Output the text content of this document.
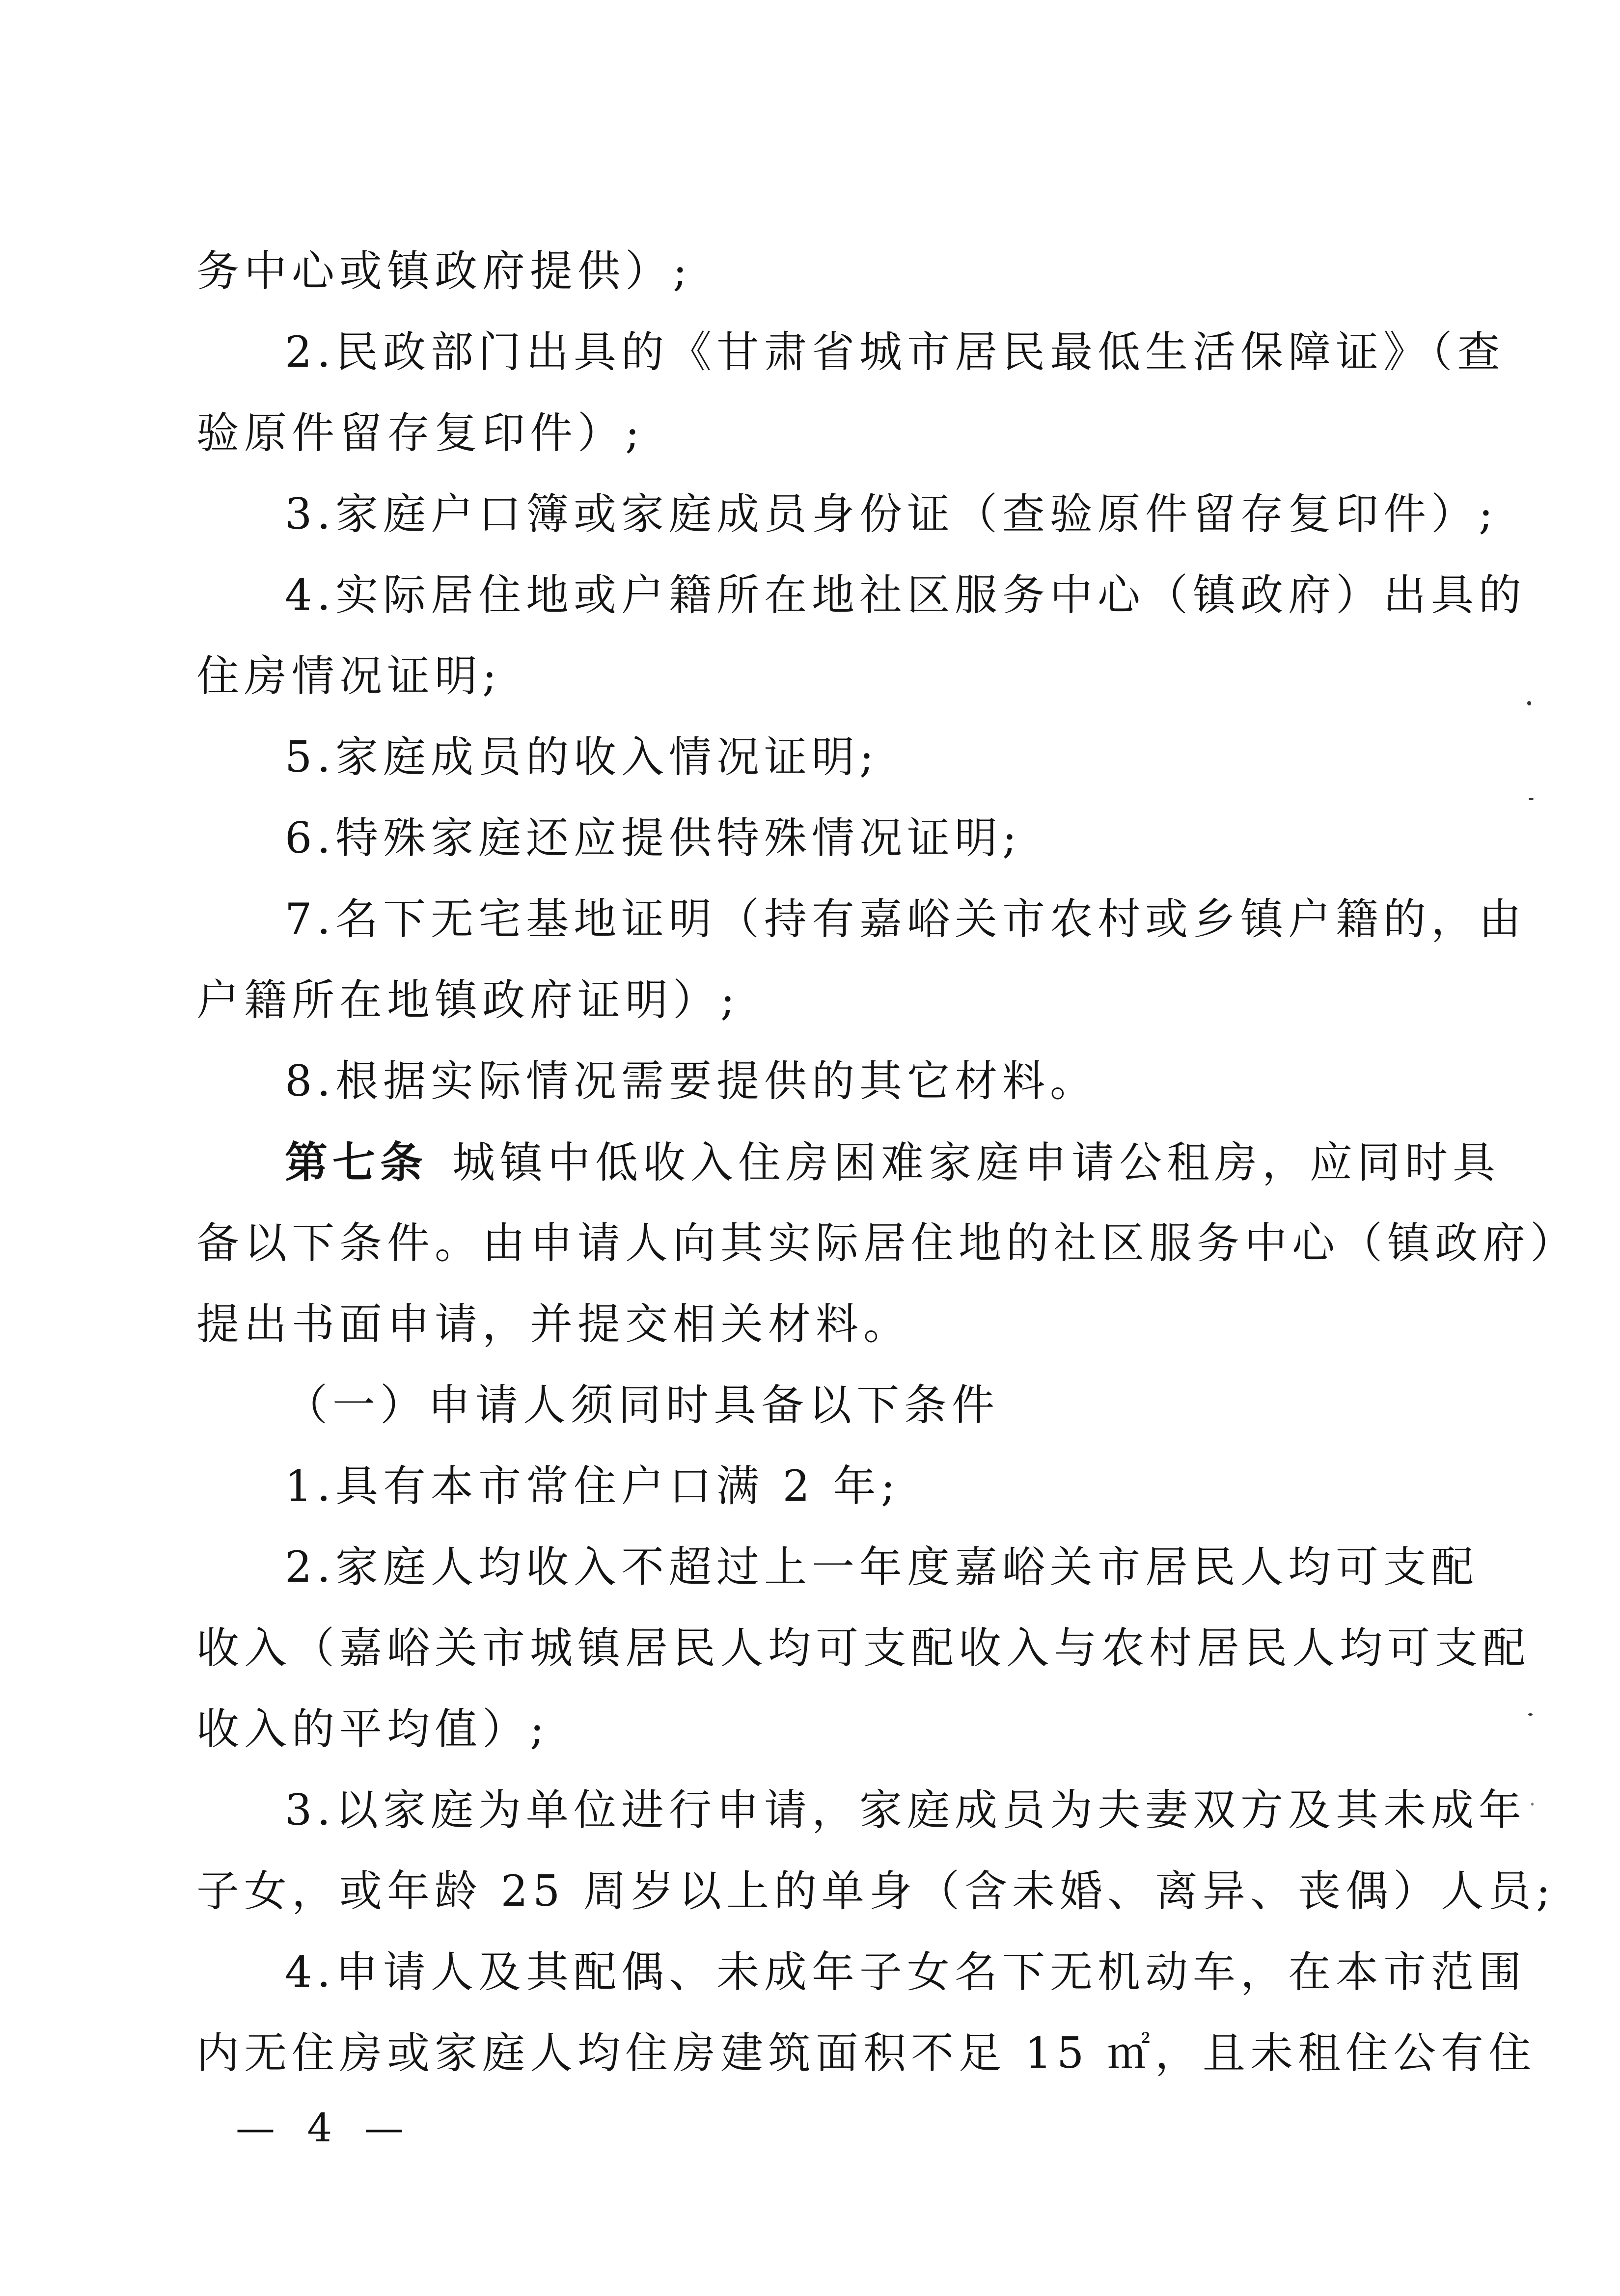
务中心或镇政府提供）;
2.民政部门出具的《甘肃省城市居民最低生活保障证》（查
验原件留存复印件）;
3.家庭户口簿或家庭成员身份证（查验原件留存复印件）;
4.实际居住地或户籍所在地社区服务中心（镇政府）出具的
住房情况证明;
5.家庭成员的收入情况证明;
6.特殊家庭还应提供特殊情况证明;
7.名下无宅基地证明（持有嘉峪关市农村或乡镇户籍的，由
户籍所在地镇政府证明）;
8.根据实际情况需要提供的其它材料。
第七条 城镇中低收入住房困难家庭申请公租房，应同时具
备以下条件。由申请人向其实际居住地的社区服务中心（镇政府）
提出书面申请，并提交相关材料。
（一）申请人须同时具备以下条件
1.具有本市常住户口满 2 年;
2.家庭人均收入不超过上一年度嘉峪关市居民人均可支配
收入（嘉峪关市城镇居民人均可支配收入与农村居民人均可支配
收入的平均值）;
3.以家庭为单位进行申请，家庭成员为夫妻双方及其未成年
子女，或年龄 25 周岁以上的单身（含未婚、离异、丧偶）人员;
4.申请人及其配偶、未成年子女名下无机动车，在本市范围
内无住房或家庭人均住房建筑面积不足 15 ㎡，且未租住公有住
— 4 —
